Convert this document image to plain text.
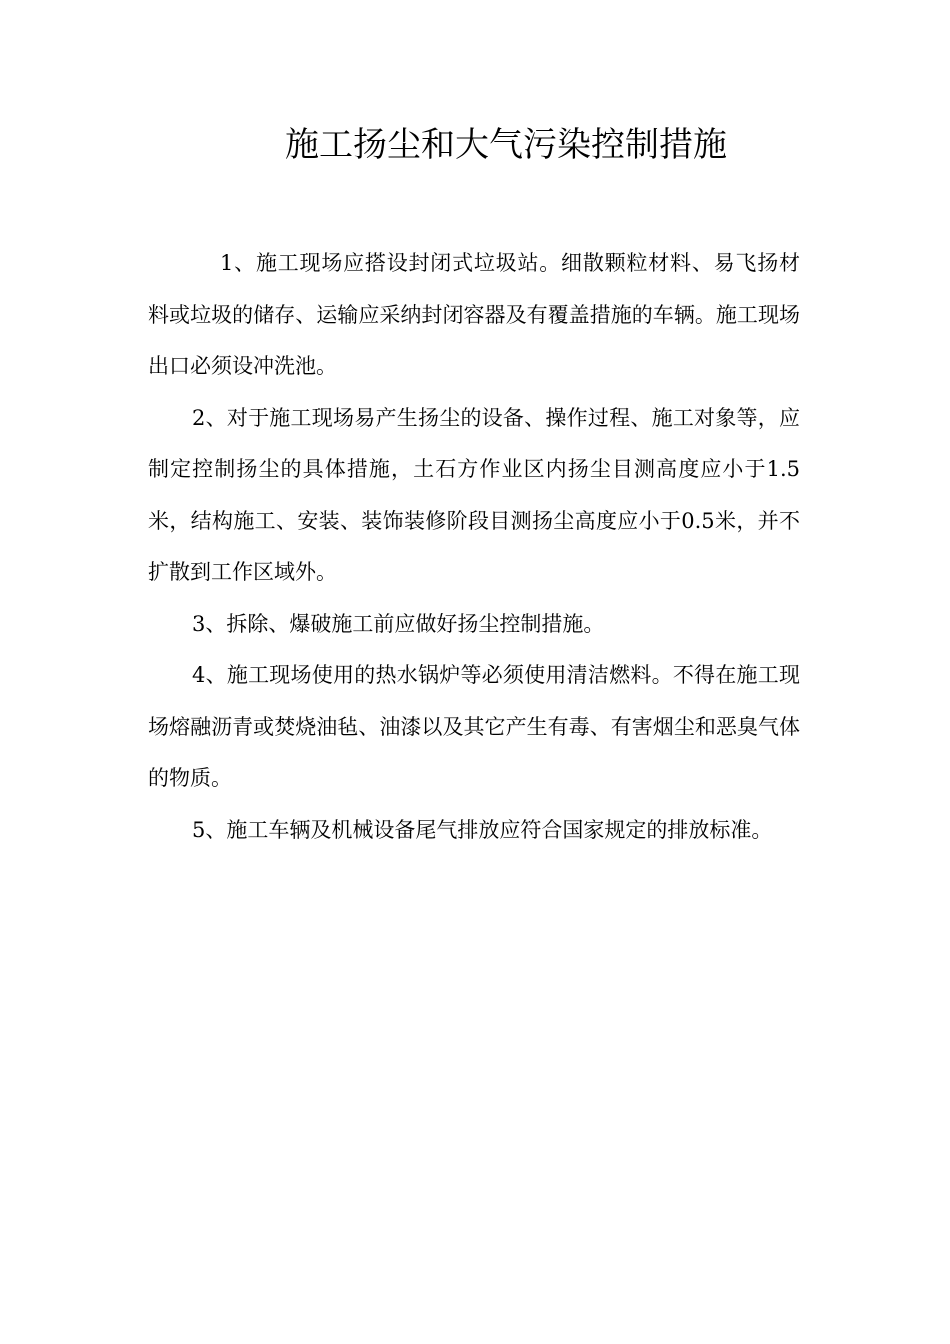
施工扬尘和大气污染控制措施

1、施工现场应搭设封闭式垃圾站。细散颗粒材料、易飞扬材料或垃圾的储存、运输应采纳封闭容器及有覆盖措施的车辆。施工现场出口必须设冲洗池。

2、对于施工现场易产生扬尘的设备、操作过程、施工对象等，应制定控制扬尘的具体措施，土石方作业区内扬尘目测高度应小于1.5米，结构施工、安装、装饰装修阶段目测扬尘高度应小于0.5米，并不扩散到工作区域外。

3、拆除、爆破施工前应做好扬尘控制措施。

4、施工现场使用的热水锅炉等必须使用清洁燃料。不得在施工现场熔融沥青或焚烧油毡、油漆以及其它产生有毒、有害烟尘和恶臭气体的物质。

5、施工车辆及机械设备尾气排放应符合国家规定的排放标准。
